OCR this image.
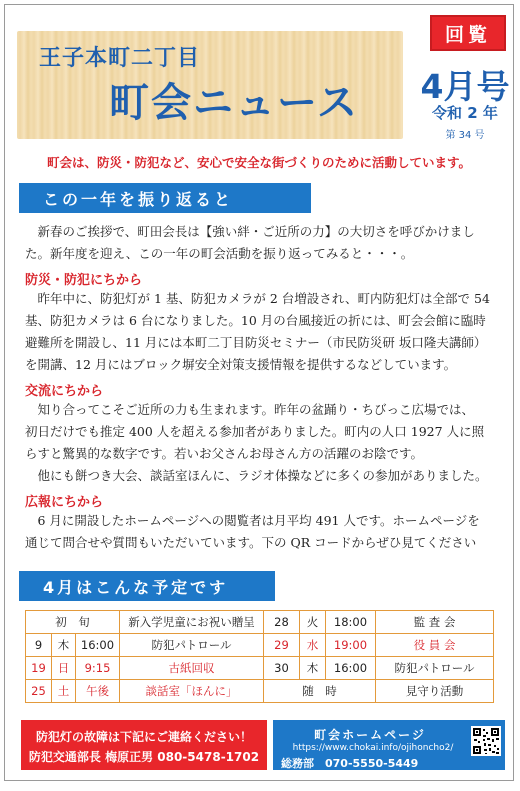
王子本町二丁目
町会ニュース
回覧
4月号
令和 2 年
第 34 号
町会は、防災・防犯など、安心で安全な街づくりのために活動しています。
この一年を振り返ると
新春のご挨拶で、町田会長は【強い絆・ご近所の力】の大切さを呼びかけまし
た。新年度を迎え、この一年の町会活動を振り返ってみると・・・。
防災・防犯にちから
昨年中に、防犯灯が 1 基、防犯カメラが 2 台増設され、町内防犯灯は全部で 54
基、防犯カメラは 6 台になりました。10 月の台風接近の折には、町会会館に臨時
避難所を開設し、11 月には本町二丁目防災セミナー（市民防災研 坂口隆夫講師）
を開講、12 月にはブロック塀安全対策支援情報を提供するなどしています。
交流にちから
知り合ってこそご近所の力も生まれます。昨年の盆踊り・ちびっこ広場では、
初日だけでも推定 400 人を超える参加者がありました。町内の人口 1927 人に照
らすと驚異的な数字です。若いお父さんお母さん方の活躍のお陰です。
他にも餅つき大会、談話室ほんに、ラジオ体操などに多くの参加がありました。
広報にちから
6 月に開設したホームページへの閲覧者は月平均 491 人です。ホームページを
通じて問合せや質問もいただいています。下の QR コードからぜひ見てください
4月はこんな予定です
初　旬			新入学児童にお祝い贈呈	28	火	18:00	監 査 会
9	木	16:00	防犯パトロール	29	水	19:00	役 員 会
19	日	9:15	古紙回収	30	木	16:00	防犯パトロール
25	土	午後	談話室「ほんに」	随　時			見守り活動
防犯灯の故障は下記にご連絡ください！
防犯交通部長 梅原正男 080-5478-1702
町会ホームページ
https://www.chokai.info/ojihoncho2/
総務部　070-5550-5449
